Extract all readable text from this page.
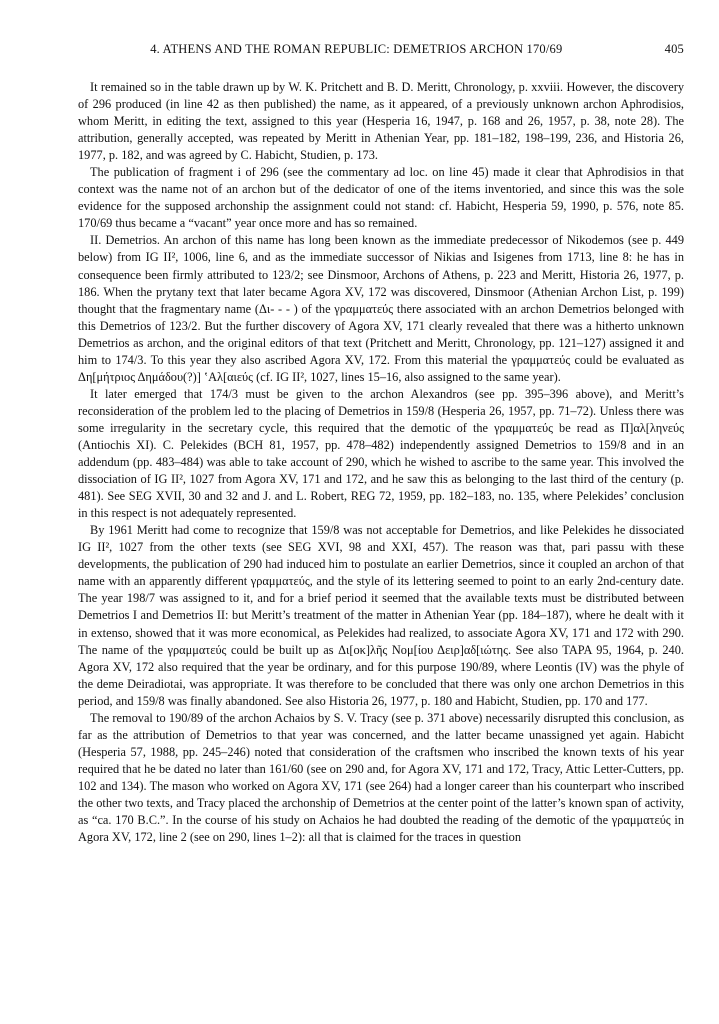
4. ATHENS AND THE ROMAN REPUBLIC: DEMETRIOS ARCHON 170/69	405

It remained so in the table drawn up by W. K. Pritchett and B. D. Meritt, Chronology, p. xxviii. However, the discovery of 296 produced (in line 42 as then published) the name, as it appeared, of a previously unknown archon Aphrodisios, whom Meritt, in editing the text, assigned to this year (Hesperia 16, 1947, p. 168 and 26, 1957, p. 38, note 28). The attribution, generally accepted, was repeated by Meritt in Athenian Year, pp. 181–182, 198–199, 236, and Historia 26, 1977, p. 182, and was agreed by C. Habicht, Studien, p. 173.

The publication of fragment i of 296 (see the commentary ad loc. on line 45) made it clear that Aphrodisios in that context was the name not of an archon but of the dedicator of one of the items inventoried, and since this was the sole evidence for the supposed archonship the assignment could not stand: cf. Habicht, Hesperia 59, 1990, p. 576, note 85. 170/69 thus became a “vacant” year once more and has so remained.

II. Demetrios. An archon of this name has long been known as the immediate predecessor of Nikodemos (see p. 449 below) from IG II², 1006, line 6, and as the immediate successor of Nikias and Isigenes from 1713, line 8: he has in consequence been firmly attributed to 123/2; see Dinsmoor, Archons of Athens, p. 223 and Meritt, Historia 26, 1977, p. 186. When the prytany text that later became Agora XV, 172 was discovered, Dinsmoor (Athenian Archon List, p. 199) thought that the fragmentary name (Δι- - - ) of the γραμματεύς there associated with an archon Demetrios belonged with this Demetrios of 123/2. But the further discovery of Agora XV, 171 clearly revealed that there was a hitherto unknown Demetrios as archon, and the original editors of that text (Pritchett and Meritt, Chronology, pp. 121–127) assigned it and him to 174/3. To this year they also ascribed Agora XV, 172. From this material the γραμματεύς could be evaluated as Δη[μήτριος Δημάδου(?)] ʽΑλ[αιεύς (cf. IG II², 1027, lines 15–16, also assigned to the same year).

It later emerged that 174/3 must be given to the archon Alexandros (see pp. 395–396 above), and Meritt’s reconsideration of the problem led to the placing of Demetrios in 159/8 (Hesperia 26, 1957, pp. 71–72). Unless there was some irregularity in the secretary cycle, this required that the demotic of the γραμματεύς be read as Π]αλ[ληνεύς (Antiochis XI). C. Pelekides (BCH 81, 1957, pp. 478–482) independently assigned Demetrios to 159/8 and in an addendum (pp. 483–484) was able to take account of 290, which he wished to ascribe to the same year. This involved the dissociation of IG II², 1027 from Agora XV, 171 and 172, and he saw this as belonging to the last third of the century (p. 481). See SEG XVII, 30 and 32 and J. and L. Robert, REG 72, 1959, pp. 182–183, no. 135, where Pelekides’ conclusion in this respect is not adequately represented.

By 1961 Meritt had come to recognize that 159/8 was not acceptable for Demetrios, and like Pelekides he dissociated IG II², 1027 from the other texts (see SEG XVI, 98 and XXI, 457). The reason was that, pari passu with these developments, the publication of 290 had induced him to postulate an earlier Demetrios, since it coupled an archon of that name with an apparently different γραμματεύς, and the style of its lettering seemed to point to an early 2nd-century date. The year 198/7 was assigned to it, and for a brief period it seemed that the available texts must be distributed between Demetrios I and Demetrios II: but Meritt’s treatment of the matter in Athenian Year (pp. 184–187), where he dealt with it in extenso, showed that it was more economical, as Pelekides had realized, to associate Agora XV, 171 and 172 with 290. The name of the γραμματεύς could be built up as Δι[οκ]λῆς Νομ[ίου Δειρ]αδ[ιώτης. See also TAPA 95, 1964, p. 240. Agora XV, 172 also required that the year be ordinary, and for this purpose 190/89, where Leontis (IV) was the phyle of the deme Deiradiotai, was appropriate. It was therefore to be concluded that there was only one archon Demetrios in this period, and 159/8 was finally abandoned. See also Historia 26, 1977, p. 180 and Habicht, Studien, pp. 170 and 177.

The removal to 190/89 of the archon Achaios by S. V. Tracy (see p. 371 above) necessarily disrupted this conclusion, as far as the attribution of Demetrios to that year was concerned, and the latter became unassigned yet again. Habicht (Hesperia 57, 1988, pp. 245–246) noted that consideration of the craftsmen who inscribed the known texts of his year required that he be dated no later than 161/60 (see on 290 and, for Agora XV, 171 and 172, Tracy, Attic Letter-Cutters, pp. 102 and 134). The mason who worked on Agora XV, 171 (see 264) had a longer career than his counterpart who inscribed the other two texts, and Tracy placed the archonship of Demetrios at the center point of the latter’s known span of activity, as “ca. 170 B.C.”. In the course of his study on Achaios he had doubted the reading of the demotic of the γραμματεύς in Agora XV, 172, line 2 (see on 290, lines 1–2): all that is claimed for the traces in question
